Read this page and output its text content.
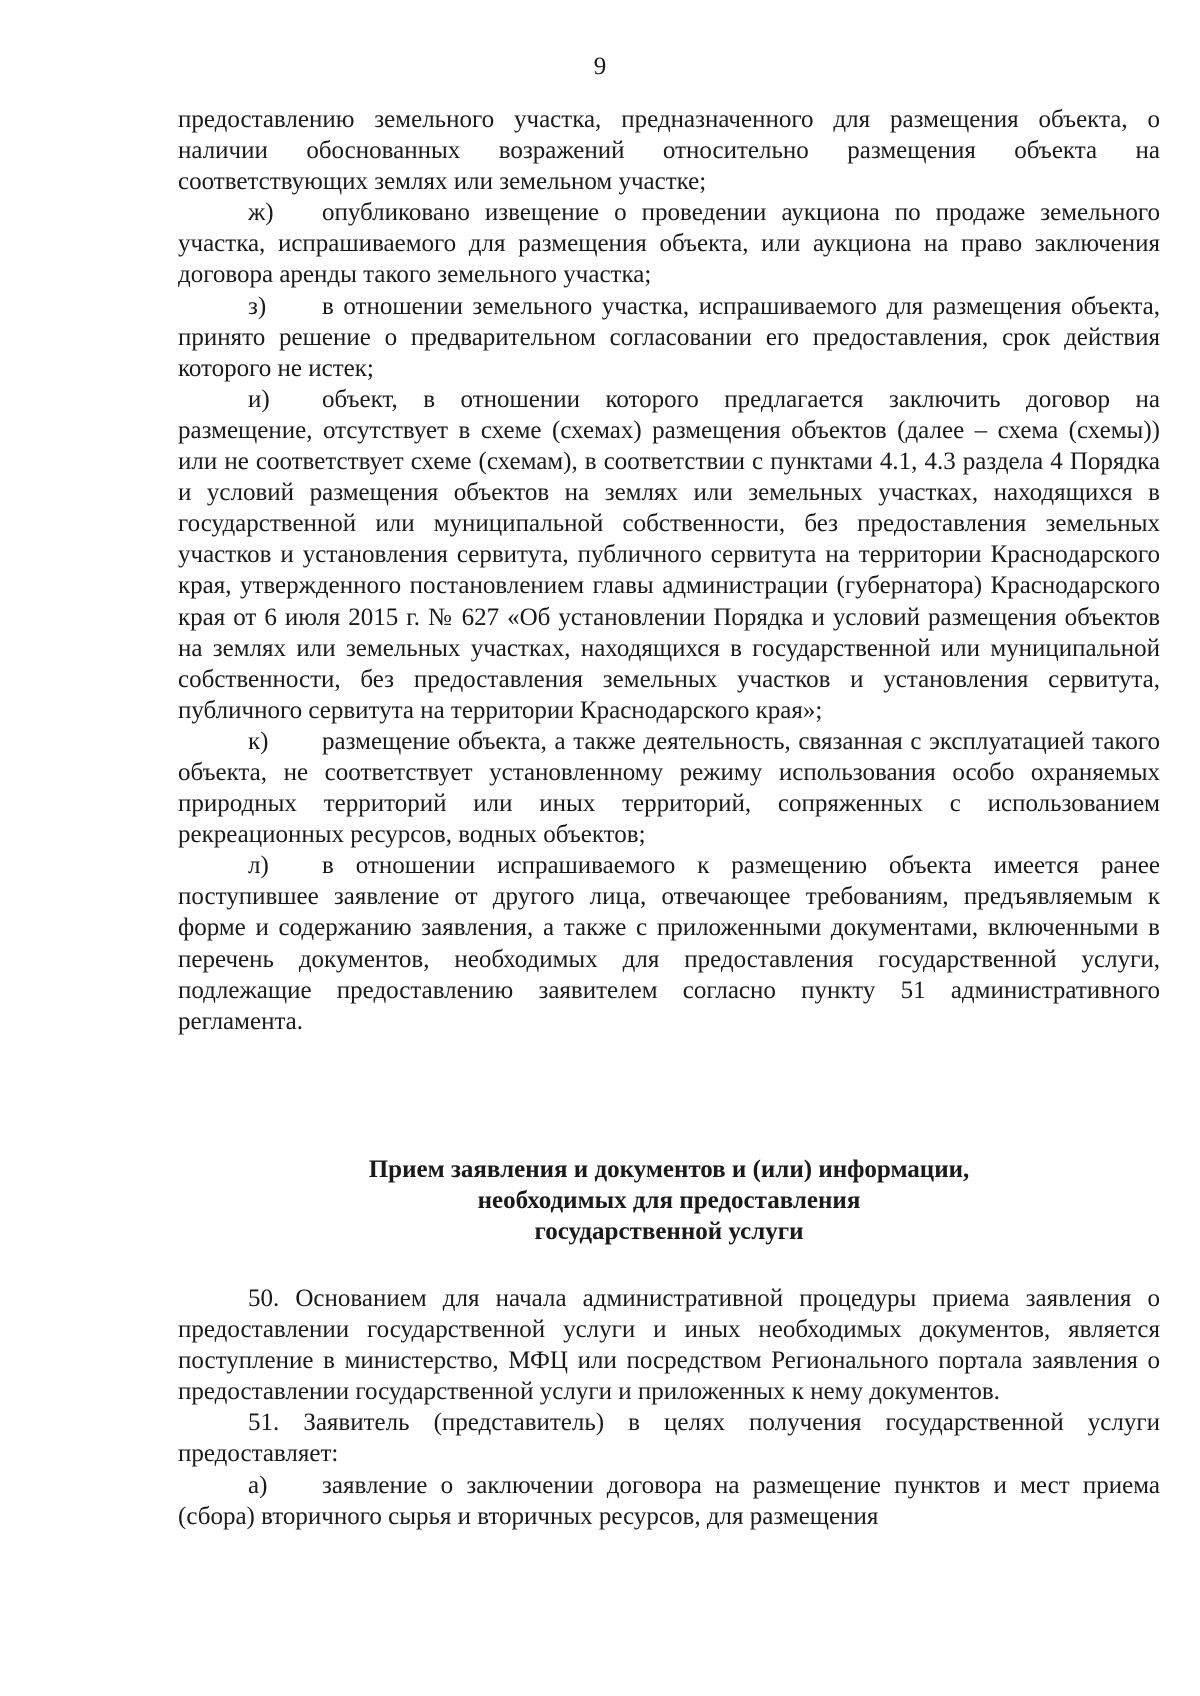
9

предоставлению земельного участка, предназначенного для размещения объекта, о наличии обоснованных возражений относительно размещения объекта на соответствующих землях или земельном участке;

ж) опубликовано извещение о проведении аукциона по продаже земельного участка, испрашиваемого для размещения объекта, или аукциона на право заключения договора аренды такого земельного участка;

з) в отношении земельного участка, испрашиваемого для размещения объекта, принято решение о предварительном согласовании его предоставления, срок действия которого не истек;

и) объект, в отношении которого предлагается заключить договор на размещение, отсутствует в схеме (схемах) размещения объектов (далее – схема (схемы)) или не соответствует схеме (схемам), в соответствии с пунктами 4.1, 4.3 раздела 4 Порядка и условий размещения объектов на землях или земельных участках, находящихся в государственной или муниципальной собственности, без предоставления земельных участков и установления сервитута, публичного сервитута на территории Краснодарского края, утвержденного постановлением главы администрации (губернатора) Краснодарского края от 6 июля 2015 г. № 627 «Об установлении Порядка и условий размещения объектов на землях или земельных участках, находящихся в государственной или муниципальной собственности, без предоставления земельных участков и установления сервитута, публичного сервитута на территории Краснодарского края»;

к) размещение объекта, а также деятельность, связанная с эксплуатацией такого объекта, не соответствует установленному режиму использования особо охраняемых природных территорий или иных территорий, сопряженных с использованием рекреационных ресурсов, водных объектов;

л) в отношении испрашиваемого к размещению объекта имеется ранее поступившее заявление от другого лица, отвечающее требованиям, предъявляемым к форме и содержанию заявления, а также с приложенными документами, включенными в перечень документов, необходимых для предоставления государственной услуги, подлежащие предоставлению заявителем согласно пункту 51 административного регламента.

Прием заявления и документов и (или) информации,
необходимых для предоставления
государственной услуги

50. Основанием для начала административной процедуры приема заявления о предоставлении государственной услуги и иных необходимых документов, является поступление в министерство, МФЦ или посредством Регионального портала заявления о предоставлении государственной услуги и приложенных к нему документов.

51. Заявитель (представитель) в целях получения государственной услуги предоставляет:

а) заявление о заключении договора на размещение пунктов и мест приема (сбора) вторичного сырья и вторичных ресурсов, для размещения
